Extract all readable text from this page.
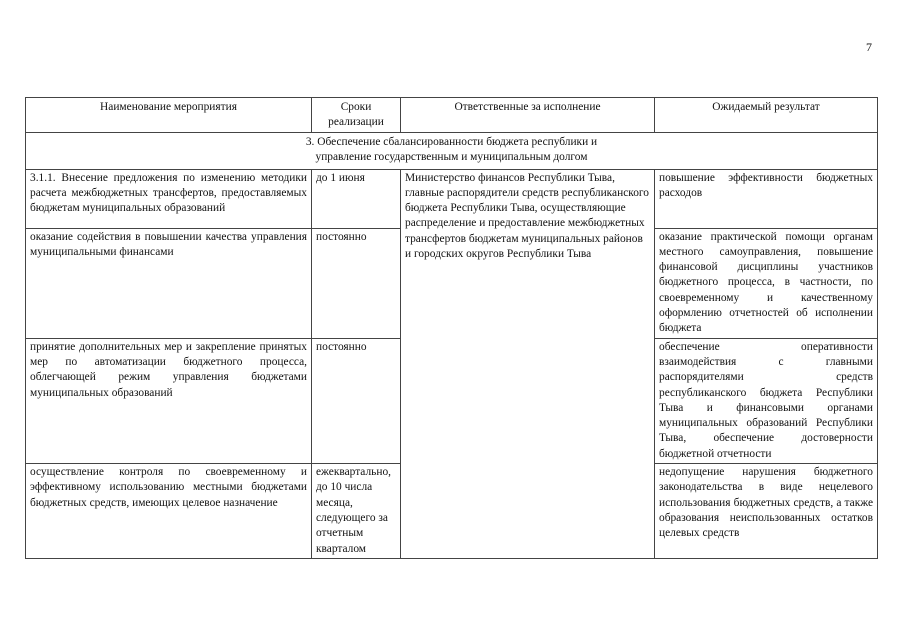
7
Наименование мероприятия	Сроки реализации	Ответственные за исполнение	Ожидаемый результат

3. Обеспечение сбалансированности бюджета республики и
управление государственным и муниципальным долгом			

3.1.1. Внесение предложения по изменению методики расчета межбюджетных трансфертов, предоставляемых бюджетам муниципальных образований	до 1 июня	Министерство финансов Республики Тыва, главные распорядители средств республиканского бюджета Республики Тыва, осуществляющие распределение и предоставление межбюджетных трансфертов бюджетам муниципальных районов и городских округов Республики Тыва	повышение эффективности бюджетных расходов
оказание содействия в повышении качества управления муниципальными финансами	постоянно		оказание практической помощи органам местного самоуправления, повышение финансовой дисциплины участников бюджетного процесса, в частности, по своевременному и качественному оформлению отчетностей об исполнении бюджета
принятие дополнительных мер и закрепление принятых мер по автоматизации бюджетного процесса, облегчающей режим управления бюджетами муниципальных образований	постоянно		обеспечение оперативности взаимодействия с главными распорядителями средств республиканского бюджета Республики Тыва и финансовыми органами муниципальных образований Республики Тыва, обеспечение достоверности бюджетной отчетности
осуществление контроля по своевременному и эффективному использованию местными бюджетами бюджетных средств, имеющих целевое назначение	ежеквартально, до 10 числа месяца, следующего за отчетным кварталом		недопущение нарушения бюджетного законодательства в виде нецелевого использования бюджетных средств, а также образования неиспользованных остатков целевых средств
